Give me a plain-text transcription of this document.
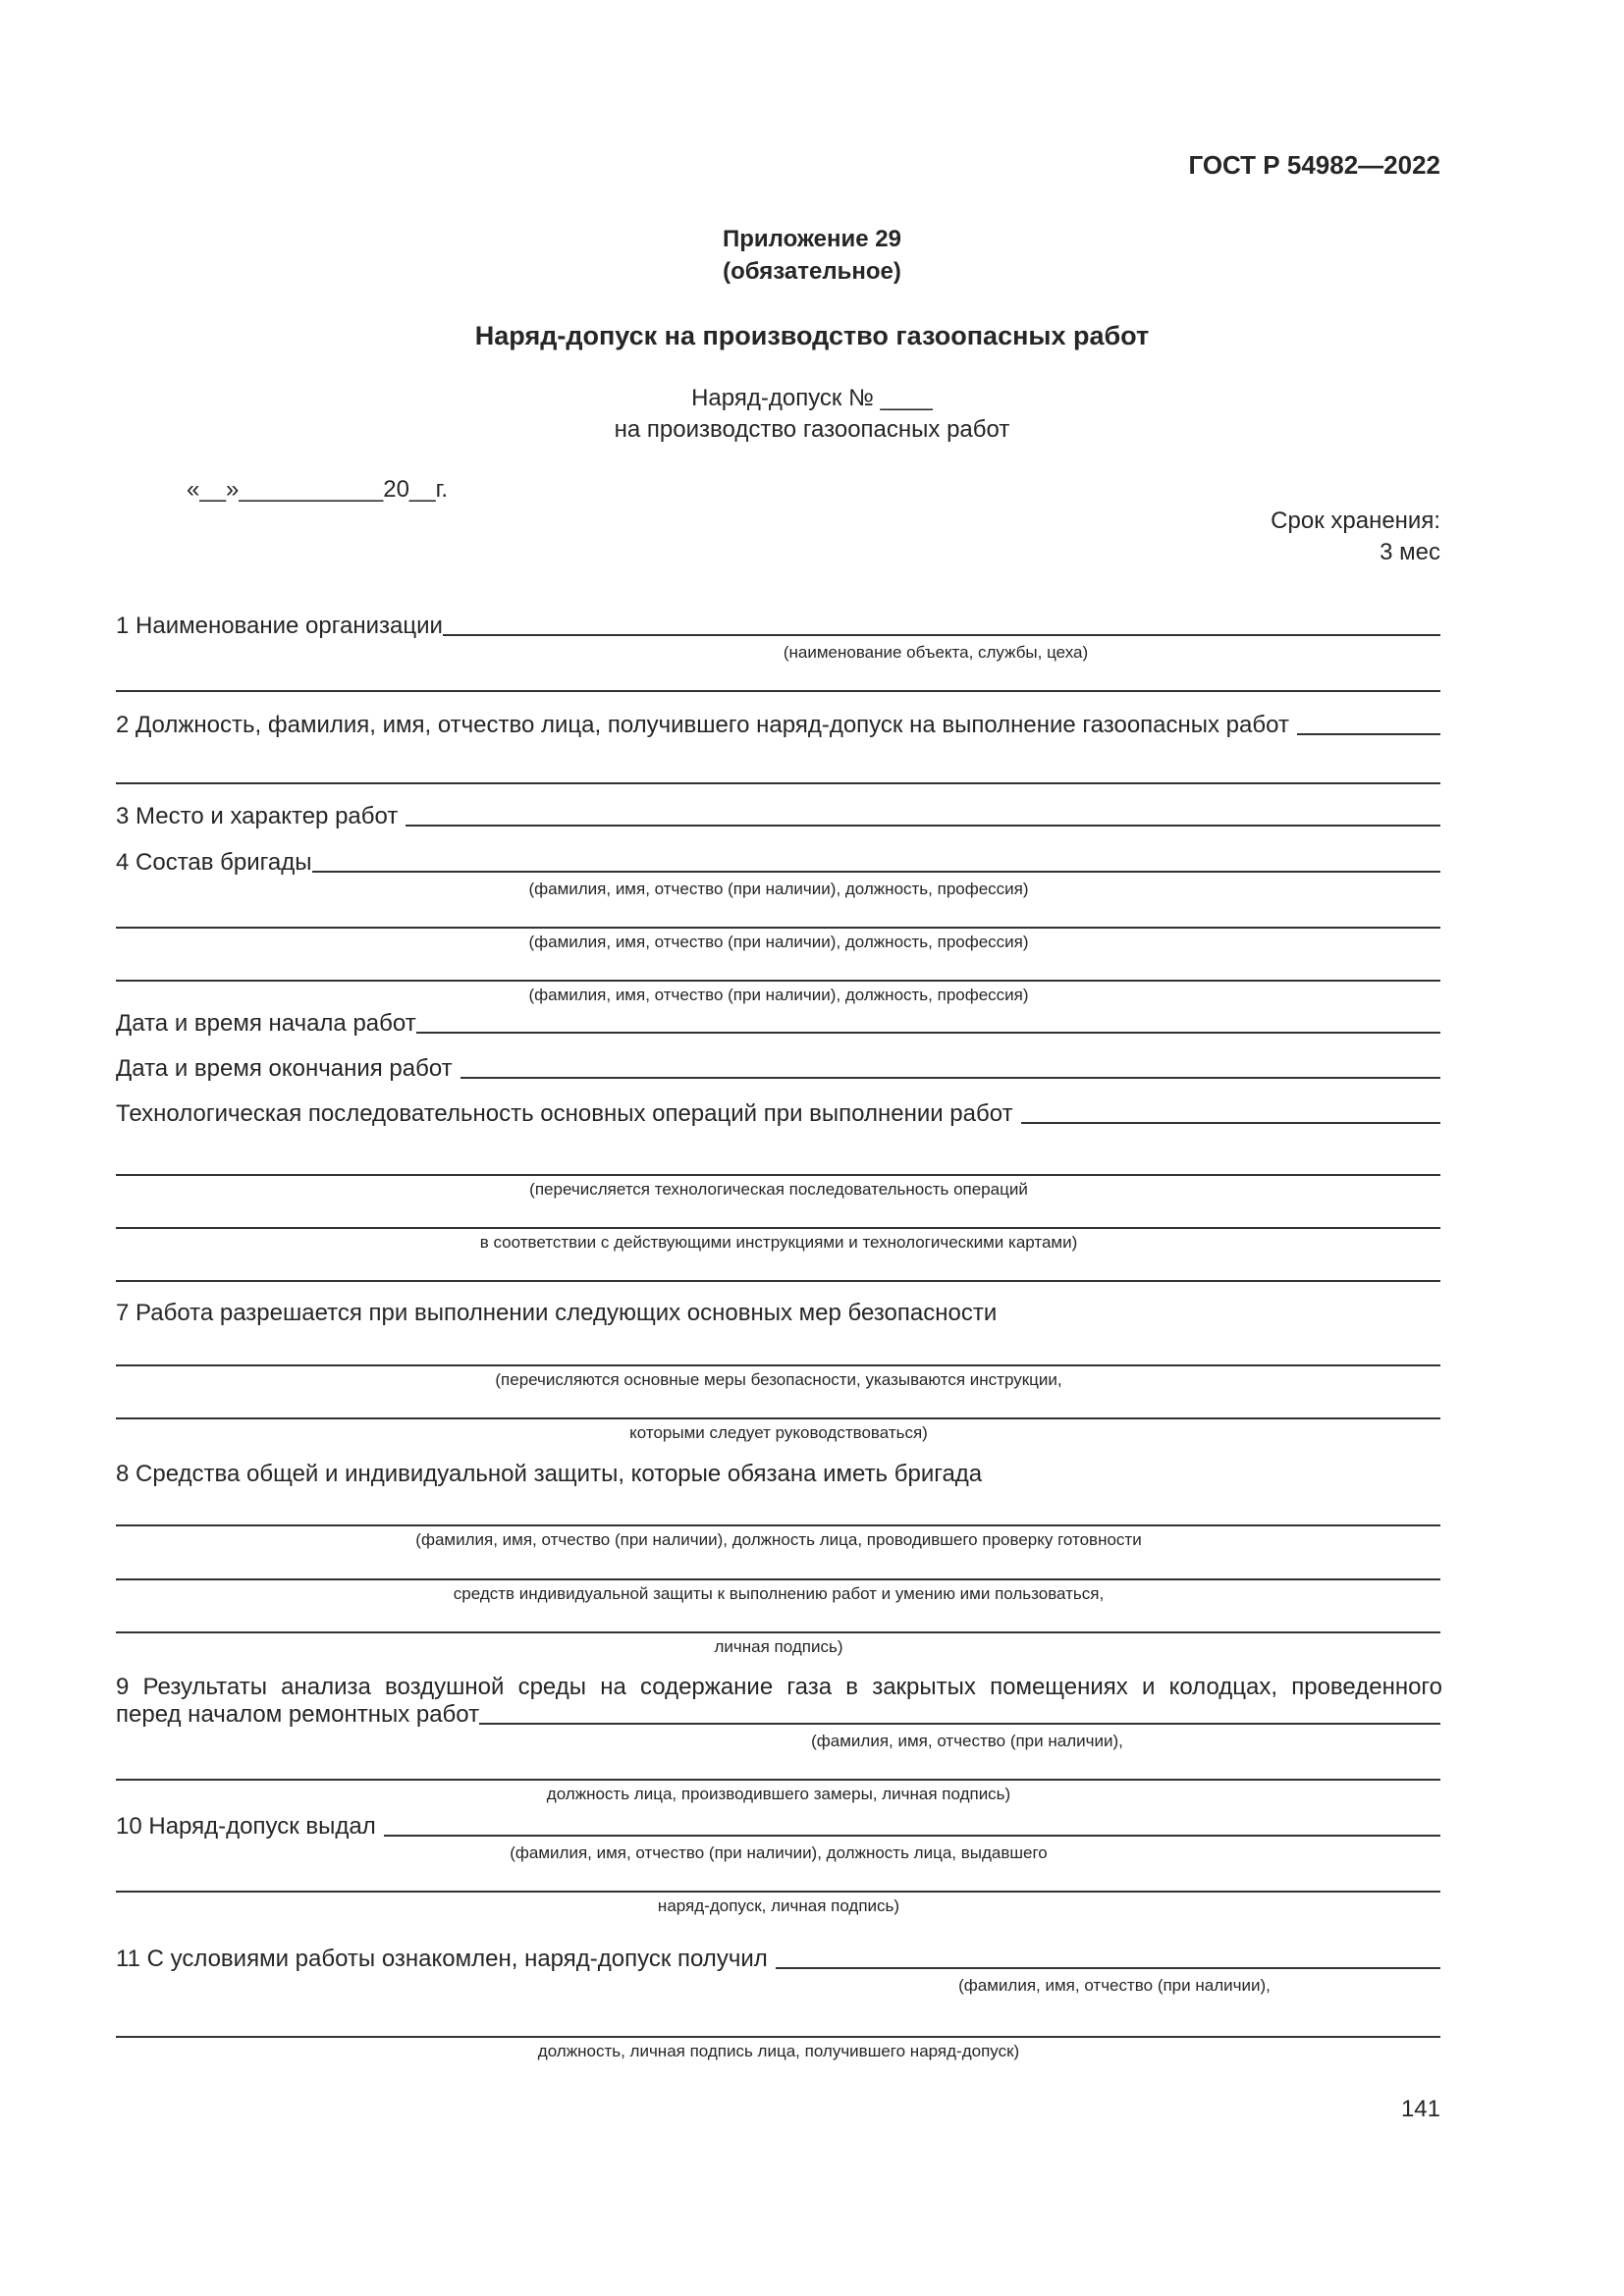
ГОСТ Р 54982—2022
Приложение 29
(обязательное)
Наряд-допуск на производство газоопасных работ
Наряд-допуск № ____
на производство газоопасных работ
«__»___________20__г.
Срок хранения:
3 мес
1 Наименование организации
(наименование объекта, службы, цеха)
2 Должность, фамилия, имя, отчество лица, получившего наряд-допуск на выполнение газоопасных работ
3 Место и характер работ
4 Состав бригады
(фамилия, имя, отчество (при наличии), должность, профессия)
(фамилия, имя, отчество (при наличии), должность, профессия)
(фамилия, имя, отчество (при наличии), должность, профессия)
Дата и время начала работ
Дата и время окончания работ
Технологическая последовательность основных операций при выполнении работ
(перечисляется технологическая последовательность операций
в соответствии с действующими инструкциями и технологическими картами)
7 Работа разрешается при выполнении следующих основных мер безопасности
(перечисляются основные меры безопасности, указываются инструкции,
которыми следует руководствоваться)
8 Средства общей и индивидуальной защиты, которые обязана иметь бригада
(фамилия, имя, отчество (при наличии), должность лица, проводившего проверку готовности
средств индивидуальной защиты к выполнению работ и умению ими пользоваться,
личная подпись)
9 Результаты анализа воздушной среды на содержание газа в закрытых помещениях и колодцах, проведенного
перед началом ремонтных работ
(фамилия, имя, отчество (при наличии),
должность лица, производившего замеры, личная подпись)
10 Наряд-допуск выдал
(фамилия, имя, отчество (при наличии), должность лица, выдавшего
наряд-допуск, личная подпись)
11 С условиями работы ознакомлен, наряд-допуск получил
(фамилия, имя, отчество (при наличии),
должность, личная подпись лица, получившего наряд-допуск)
141
